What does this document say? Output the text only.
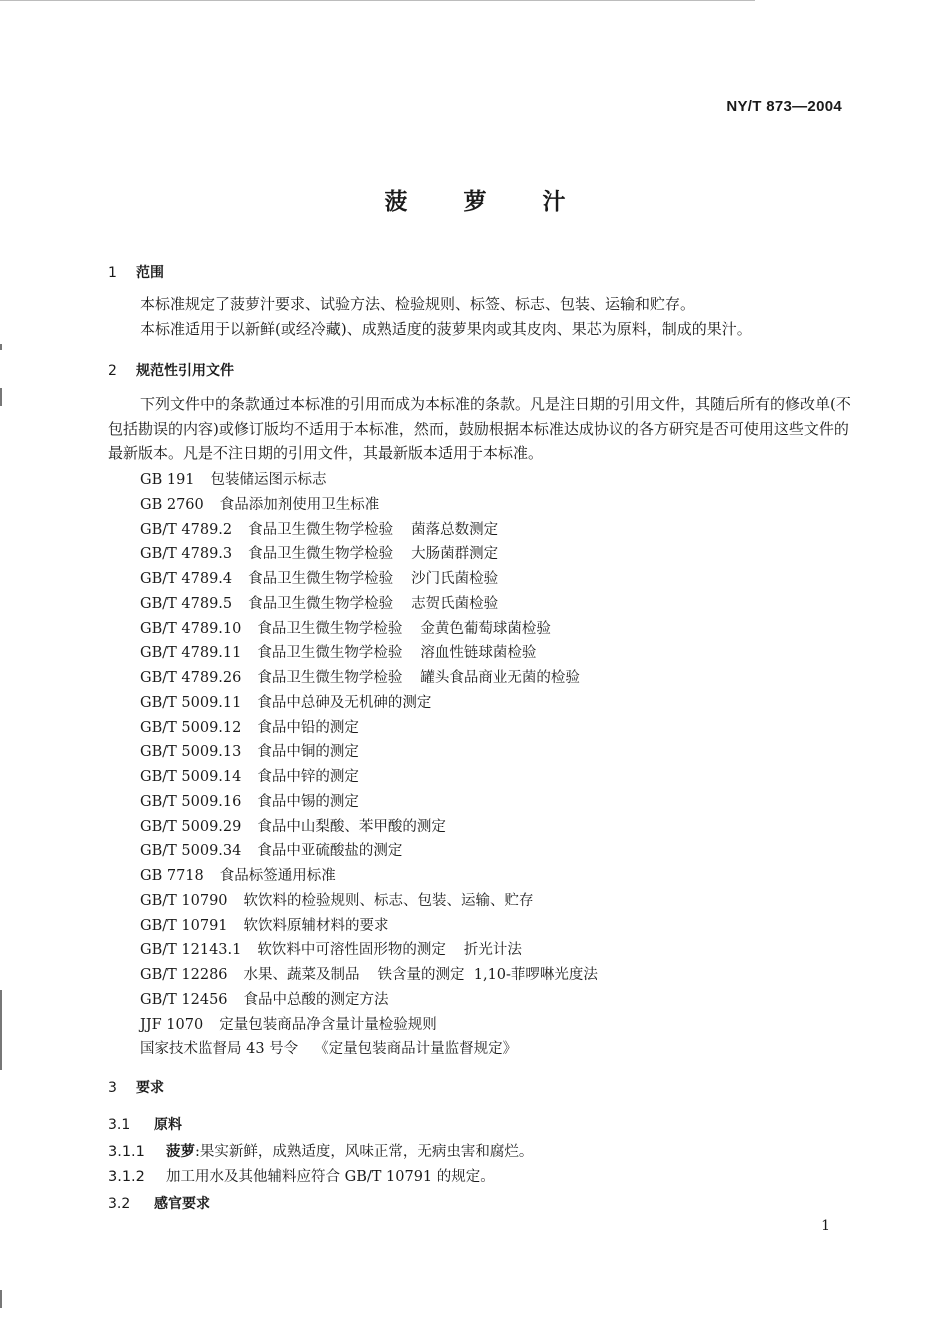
NY/T 873—2004
菠 萝 汁
1 范围
本标准规定了菠萝汁要求、试验方法、检验规则、标签、标志、包装、运输和贮存。
本标准适用于以新鲜(或经冷藏)、成熟适度的菠萝果肉或其皮肉、果芯为原料，制成的果汁。
2 规范性引用文件
下列文件中的条款通过本标准的引用而成为本标准的条款。凡是注日期的引用文件，其随后所有的修改单(不包括勘误的内容)或修订版均不适用于本标准，然而，鼓励根据本标准达成协议的各方研究是否可使用这些文件的最新版本。凡是不注日期的引用文件，其最新版本适用于本标准。
GB 191 包装储运图示标志
GB 2760 食品添加剂使用卫生标准
GB/T 4789.2 食品卫生微生物学检验 菌落总数测定
GB/T 4789.3 食品卫生微生物学检验 大肠菌群测定
GB/T 4789.4 食品卫生微生物学检验 沙门氏菌检验
GB/T 4789.5 食品卫生微生物学检验 志贺氏菌检验
GB/T 4789.10 食品卫生微生物学检验 金黄色葡萄球菌检验
GB/T 4789.11 食品卫生微生物学检验 溶血性链球菌检验
GB/T 4789.26 食品卫生微生物学检验 罐头食品商业无菌的检验
GB/T 5009.11 食品中总砷及无机砷的测定
GB/T 5009.12 食品中铅的测定
GB/T 5009.13 食品中铜的测定
GB/T 5009.14 食品中锌的测定
GB/T 5009.16 食品中锡的测定
GB/T 5009.29 食品中山梨酸、苯甲酸的测定
GB/T 5009.34 食品中亚硫酸盐的测定
GB 7718 食品标签通用标准
GB/T 10790 软饮料的检验规则、标志、包装、运输、贮存
GB/T 10791 软饮料原辅材料的要求
GB/T 12143.1 软饮料中可溶性固形物的测定 折光计法
GB/T 12286 水果、蔬菜及制品 铁含量的测定  1,10-菲啰啉光度法
GB/T 12456 食品中总酸的测定方法
JJF 1070 定量包装商品净含量计量检验规则
国家技术监督局 43 号令 《定量包装商品计量监督规定》
3 要求
3.1 原料
3.1.1 菠萝:果实新鲜，成熟适度，风味正常，无病虫害和腐烂。
3.1.2 加工用水及其他辅料应符合 GB/T 10791 的规定。
3.2 感官要求
1
